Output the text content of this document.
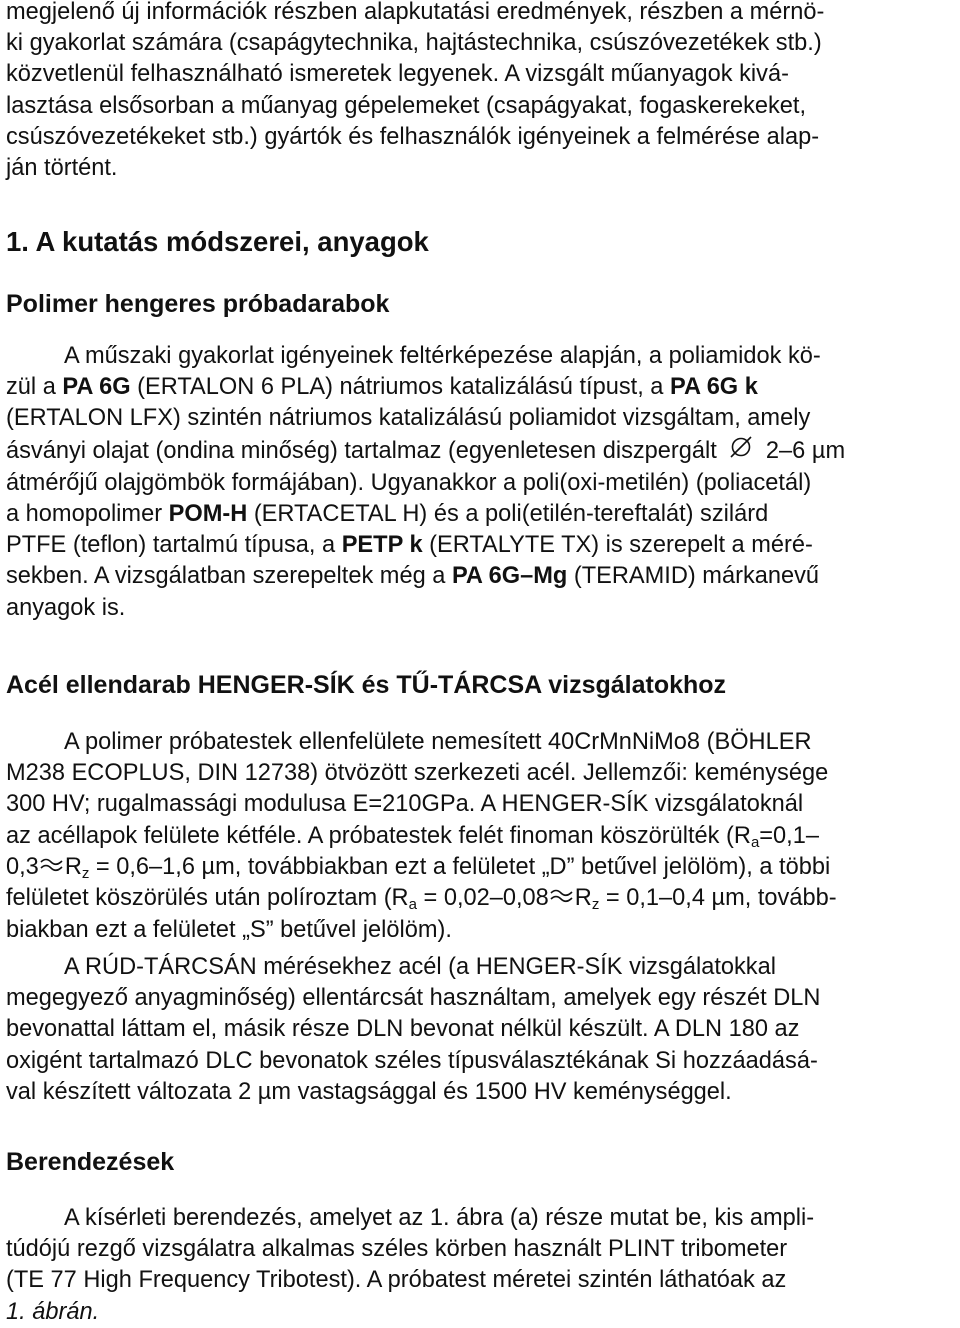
megjelenő új információk részben alapkutatási eredmények, részben a mérnö-

ki gyakorlat számára (csapágytechnika, hajtástechnika, csúszóvezetékek stb.)

közvetlenül felhasználható ismeretek legyenek. A vizsgált műanyagok kivá-

lasztása elsősorban a műanyag gépelemeket (csapágyakat, fogaskerekeket,

csúszóvezetékeket stb.) gyártók és felhasználók igényeinek a felmérése alap-

ján történt.

1. A kutatás módszerei, anyagok
Polimer hengeres próbadarabok

A műszaki gyakorlat igényeinek feltérképezése alapján, a poliamidok kö-

zül a PA 6G (ERTALON 6 PLA) nátriumos katalizálású típust, a PA 6G k

(ERTALON LFX) szintén nátriumos katalizálású poliamidot vizsgáltam, amely

ásványi olajat (ondina minőség) tartalmaz (egyenletesen diszpergált  2–6 µm

átmérőjű olajgömbök formájában). Ugyanakkor a poli(oxi-metilén) (poliacetál)

a homopolimer POM-H (ERTACETAL H) és a poli(etilén-tereftalát) szilárd

PTFE (teflon) tartalmú típusa, a PETP k (ERTALYTE TX) is szerepelt a méré-

sekben. A vizsgálatban szerepeltek még a PA 6G–Mg (TERAMID) márkanevű

anyagok is.

Acél ellendarab HENGER-SÍK és TŰ-TÁRCSA vizsgálatokhoz

A polimer próbatestek ellenfelülete nemesített 40CrMnNiMo8 (BÖHLER

M238 ECOPLUS, DIN 12738) ötvözött szerkezeti acél. Jellemzői: keménysége

300 HV; rugalmassági modulusa E=210GPa. A HENGER-SÍK vizsgálatoknál

az acéllapok felülete kétféle. A próbatestek felét finoman köszörülték ($R_a=0,1-$

0,3 $R_z = 0,6-1,6$ µm, továbbiakban ezt a felületet „D” betűvel jelölöm), a többi

felületet köszörülés után políroztam ($R_a = 0,02-0,08$ $R_z = 0,1-0,4$ µm, tovább-

biakban ezt a felületet „S” betűvel jelölöm).

A RÚD-TÁRCSÁN mérésekhez acél (a HENGER-SÍK vizsgálatokkal

megegyező anyagminőség) ellentárcsát használtam, amelyek egy részét DLN

bevonattal láttam el, másik része DLN bevonat nélkül készült. A DLN 180 az

oxigént tartalmazó DLC bevonatok széles típusválasztékának Si hozzáadásá-

val készített változata 2 µm vastagsággal és 1500 HV keménységgel.

Berendezések

A kísérleti berendezés, amelyet az 1. ábra (a) része mutat be, kis ampli-

túdójú rezgő vizsgálatra alkalmas széles körben használt PLINT tribometer

(TE 77 High Frequency Tribotest). A próbatest méretei szintén láthatóak az

1. ábrán.
